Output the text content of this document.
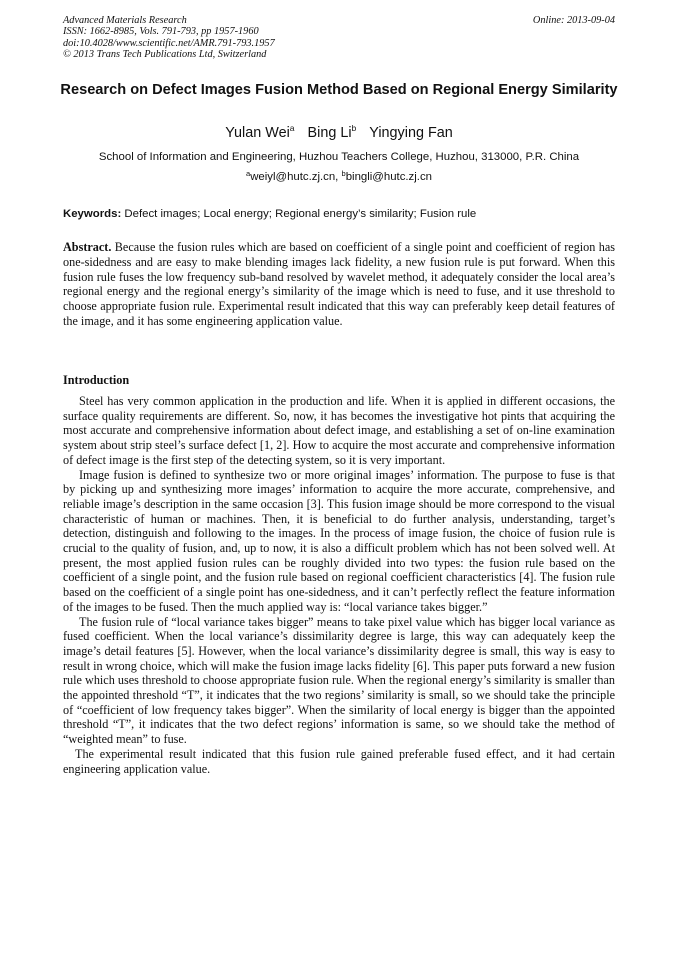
Advanced Materials Research
ISSN: 1662-8985, Vols. 791-793, pp 1957-1960
doi:10.4028/www.scientific.net/AMR.791-793.1957
© 2013 Trans Tech Publications Ltd, Switzerland
Online: 2013-09-04
Research on Defect Images Fusion Method Based on Regional Energy Similarity
Yulan Wei$^a$ Bing Li$^b$ Yingying Fan
School of Information and Engineering, Huzhou Teachers College, Huzhou, 313000, P.R. China
$^a$weiyl@hutc.zj.cn, $^b$bingli@hutc.zj.cn
Keywords: Defect images; Local energy; Regional energy’s similarity; Fusion rule
Abstract. Because the fusion rules which are based on coefficient of a single point and coefficient of region has one-sidedness and are easy to make blending images lack fidelity, a new fusion rule is put forward. When this fusion rule fuses the low frequency sub-band resolved by wavelet method, it adequately consider the local area’s regional energy and the regional energy’s similarity of the image which is need to fuse, and it use threshold to choose appropriate fusion rule. Experimental result indicated that this way can preferably keep detail features of the image, and it has some engineering application value.
Introduction

Steel has very common application in the production and life. When it is applied in different occasions, the surface quality requirements are different. So, now, it has becomes the investigative hot pints that acquiring the most accurate and comprehensive information about defect image, and establishing a set of on-line examination system about strip steel’s surface defect [1, 2]. How to acquire the most accurate and comprehensive information of defect image is the first step of the detecting system, so it is very important.

Image fusion is defined to synthesize two or more original images’ information. The purpose to fuse is that by picking up and synthesizing more images’ information to acquire the more accurate, comprehensive, and reliable image’s description in the same occasion [3]. This fusion image should be more correspond to the visual characteristic of human or machines. Then, it is beneficial to do further analysis, understanding, target’s detection, distinguish and following to the images. In the process of image fusion, the choice of fusion rule is crucial to the quality of fusion, and, up to now, it is also a difficult problem which has not been solved well. At present, the most applied fusion rules can be roughly divided into two types: the fusion rule based on the coefficient of a single point, and the fusion rule based on regional coefficient characteristics [4]. The fusion rule based on the coefficient of a single point has one-sidedness, and it can’t perfectly reflect the feature information of the images to be fused. Then the much applied way is: “local variance takes bigger.”

The fusion rule of “local variance takes bigger” means to take pixel value which has bigger local variance as fused coefficient. When the local variance’s dissimilarity degree is large, this way can adequately keep the image’s detail features [5]. However, when the local variance’s dissimilarity degree is small, this way is easy to result in wrong choice, which will make the fusion image lacks fidelity [6]. This paper puts forward a new fusion rule which uses threshold to choose appropriate fusion rule. When the regional energy’s similarity is smaller than the appointed threshold “T”, it indicates that the two regions’ similarity is small, so we should take the principle of “coefficient of low frequency takes bigger”. When the similarity of local energy is bigger than the appointed threshold “T”, it indicates that the two defect regions’ information is same, so we should take the method of “weighted mean” to fuse.

The experimental result indicated that this fusion rule gained preferable fused effect, and it had certain engineering application value.
